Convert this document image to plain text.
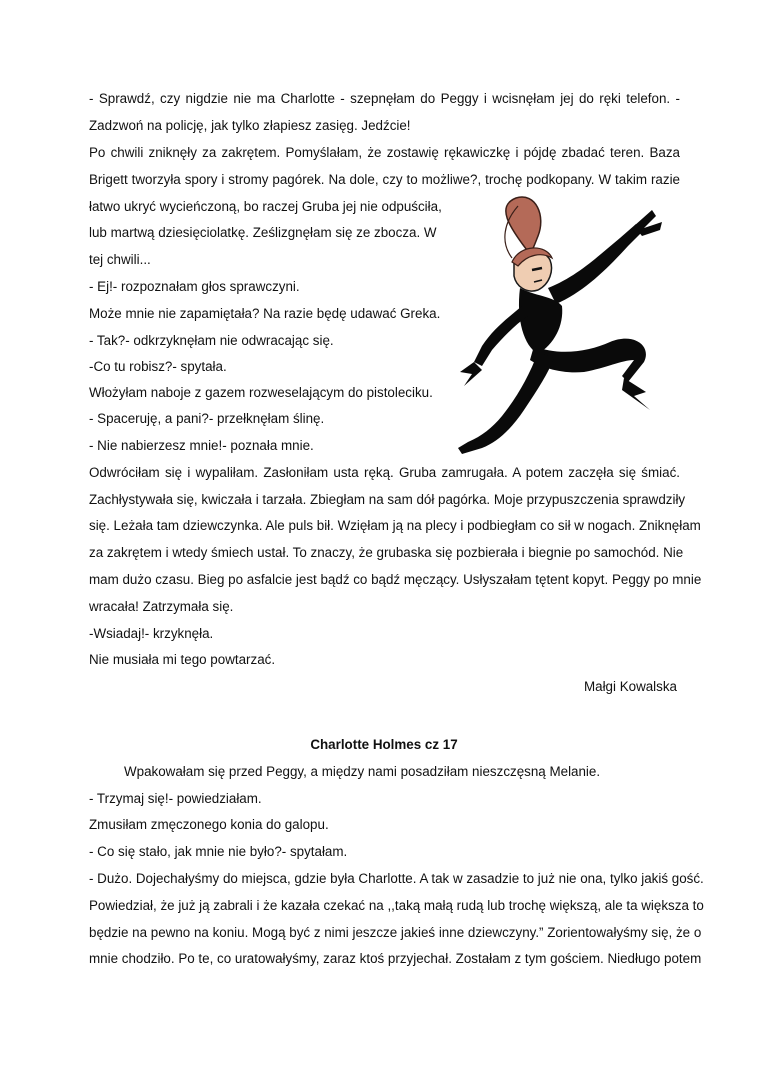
- Sprawdź, czy nigdzie nie ma Charlotte - szepnęłam do Peggy i wcisnęłam jej do ręki telefon. -
Zadzwoń na policję, jak tylko złapiesz zasięg. Jedźcie!
Po chwili zniknęły za zakrętem. Pomyślałam, że zostawię rękawiczkę i pójdę zbadać teren. Baza
Brigett tworzyła spory i stromy pagórek. Na dole, czy to możliwe?, trochę podkopany. W takim razie
łatwo ukryć wycieńczoną, bo raczej Gruba jej nie odpuściła,
lub martwą dziesięciolatkę. Ześlizgnęłam się ze zbocza. W
tej chwili...
- Ej!- rozpoznałam głos sprawczyni.
Może mnie nie zapamiętała? Na razie będę udawać Greka.
- Tak?- odkrzyknęłam nie odwracając się.
-Co tu robisz?- spytała.
Włożyłam naboje z gazem rozweselającym do pistoleciku.
- Spaceruję, a pani?- przełknęłam ślinę.
- Nie nabierzesz mnie!- poznała mnie.
Odwróciłam się i wypaliłam. Zasłoniłam usta ręką. Gruba zamrugała. A potem zaczęła się śmiać.
Zachłystywała się, kwiczała i tarzała. Zbiegłam na sam dół pagórka. Moje przypuszczenia sprawdziły
się. Leżała tam dziewczynka. Ale puls bił. Wzięłam ją na plecy i podbiegłam co sił w nogach. Zniknęłam
za zakrętem i wtedy śmiech ustał. To znaczy, że grubaska się pozbierała i biegnie po samochód. Nie
mam dużo czasu. Bieg po asfalcie jest bądź co bądź męczący. Usłyszałam tętent kopyt. Peggy po mnie
wracała! Zatrzymała się.
-Wsiadaj!- krzyknęła.
Nie musiała mi tego powtarzać.
Małgi Kowalska
Charlotte Holmes cz 17
Wpakowałam się przed Peggy, a między nami posadziłam nieszczęsną Melanie.
- Trzymaj się!- powiedziałam.
Zmusiłam zmęczonego konia do galopu.
- Co się stało, jak mnie nie było?- spytałam.
- Dużo. Dojechałyśmy do miejsca, gdzie była Charlotte. A tak w zasadzie to już nie ona, tylko jakiś gość.
Powiedział, że już ją zabrali i że kazała czekać na ,,taką małą rudą lub trochę większą, ale ta większa to
będzie na pewno na koniu. Mogą być z nimi jeszcze jakieś inne dziewczyny.” Zorientowałyśmy się, że o
mnie chodziło. Po te, co uratowałyśmy, zaraz ktoś przyjechał. Zostałam z tym gościem. Niedługo potem
